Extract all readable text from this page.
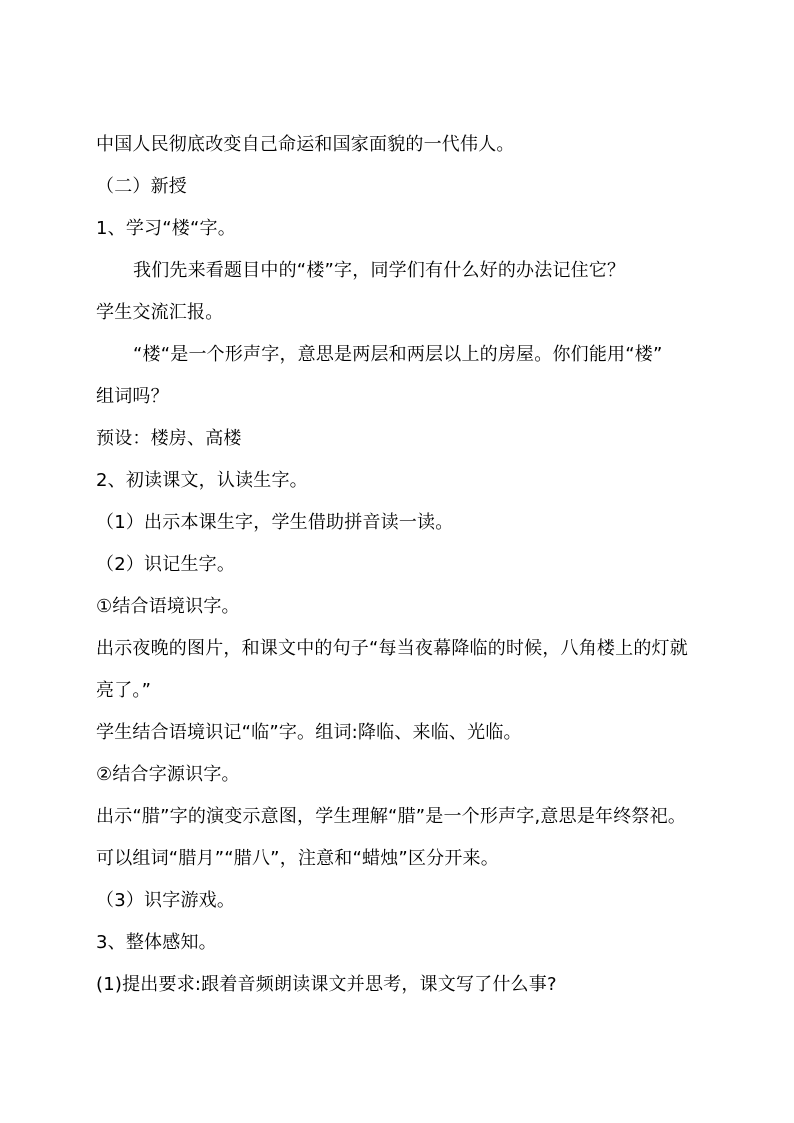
中国人民彻底改变自己命运和国家面貌的一代伟人。
（二）新授
1、学习“楼“字。
我们先来看题目中的“楼”字，同学们有什么好的办法记住它？
学生交流汇报。
“楼“是一个形声字，意思是两层和两层以上的房屋。你们能用“楼”
组词吗？
预设：楼房、高楼
2、初读课文，认读生字。
（1）出示本课生字，学生借助拼音读一读。
（2）识记生字。
①结合语境识字。
出示夜晚的图片，和课文中的句子“每当夜幕降临的时候，八角楼上的灯就
亮了。”
学生结合语境识记“临”字。组词:降临、来临、光临。
②结合字源识字。
出示“腊”字的演变示意图，学生理解“腊”是一个形声字,意思是年终祭祀。
可以组词“腊月”“腊八”，注意和“蜡烛”区分开来。
（3）识字游戏。
3、整体感知。
(1)提出要求:跟着音频朗读课文并思考，课文写了什么事?
